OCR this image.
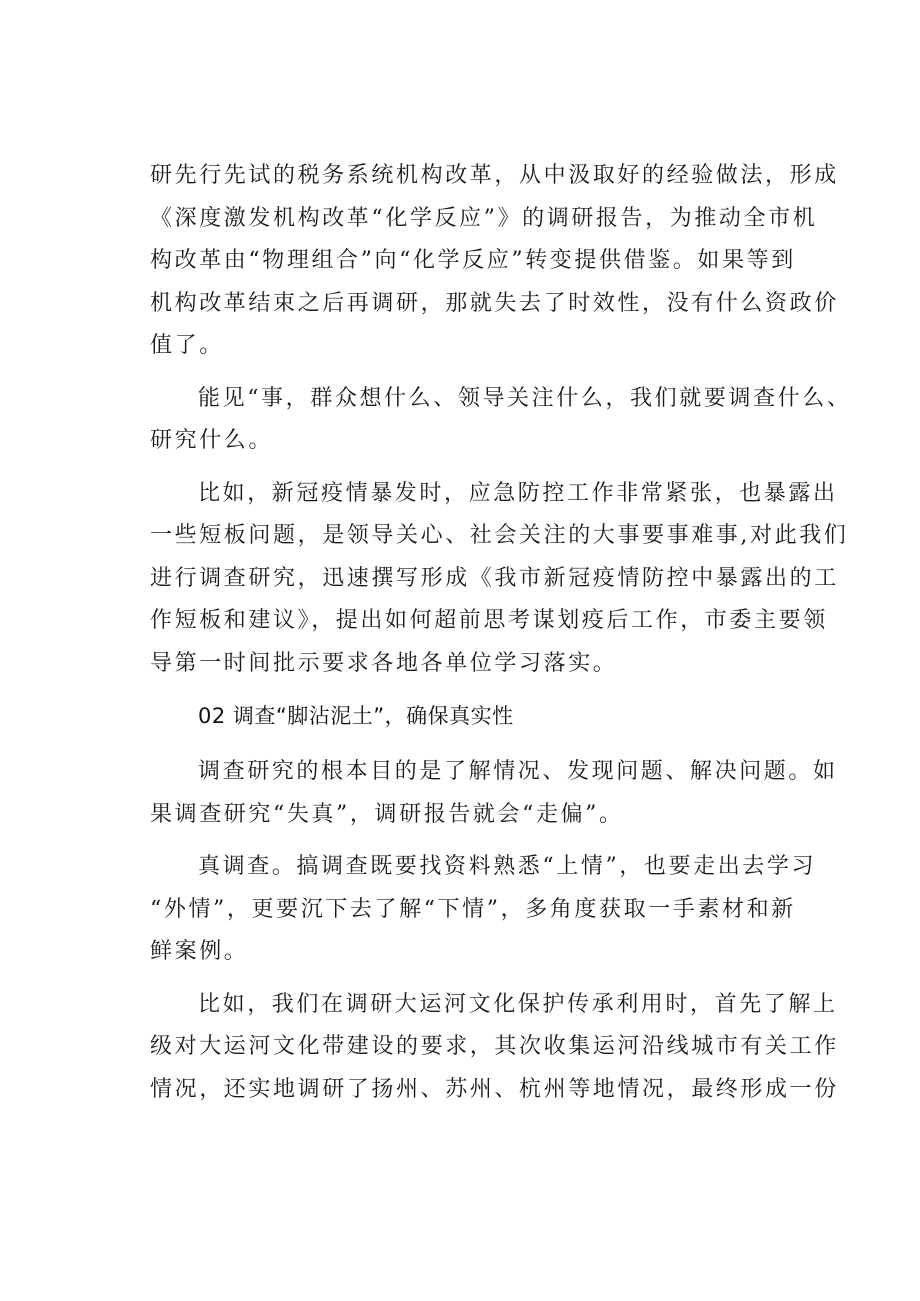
研先行先试的税务系统机构改革，从中汲取好的经验做法，形成
《深度激发机构改革“化学反应”》的调研报告，为推动全市机
构改革由“物理组合”向“化学反应”转变提供借鉴。如果等到
机构改革结束之后再调研，那就失去了时效性，没有什么资政价
值了。
能见“事，群众想什么、领导关注什么，我们就要调查什么、
研究什么。
比如，新冠疫情暴发时，应急防控工作非常紧张，也暴露出
一些短板问题，是领导关心、社会关注的大事要事难事,对此我们
进行调查研究，迅速撰写形成《我市新冠疫情防控中暴露出的工
作短板和建议》，提出如何超前思考谋划疫后工作，市委主要领
导第一时间批示要求各地各单位学习落实。
02 调查“脚沾泥土”，确保真实性
调查研究的根本目的是了解情况、发现问题、解决问题。如
果调查研究“失真”，调研报告就会“走偏”。
真调查。搞调查既要找资料熟悉“上情”，也要走出去学习
“外情”，更要沉下去了解“下情”，多角度获取一手素材和新
鲜案例。
比如，我们在调研大运河文化保护传承利用时，首先了解上
级对大运河文化带建设的要求，其次收集运河沿线城市有关工作
情况，还实地调研了扬州、苏州、杭州等地情况，最终形成一份
